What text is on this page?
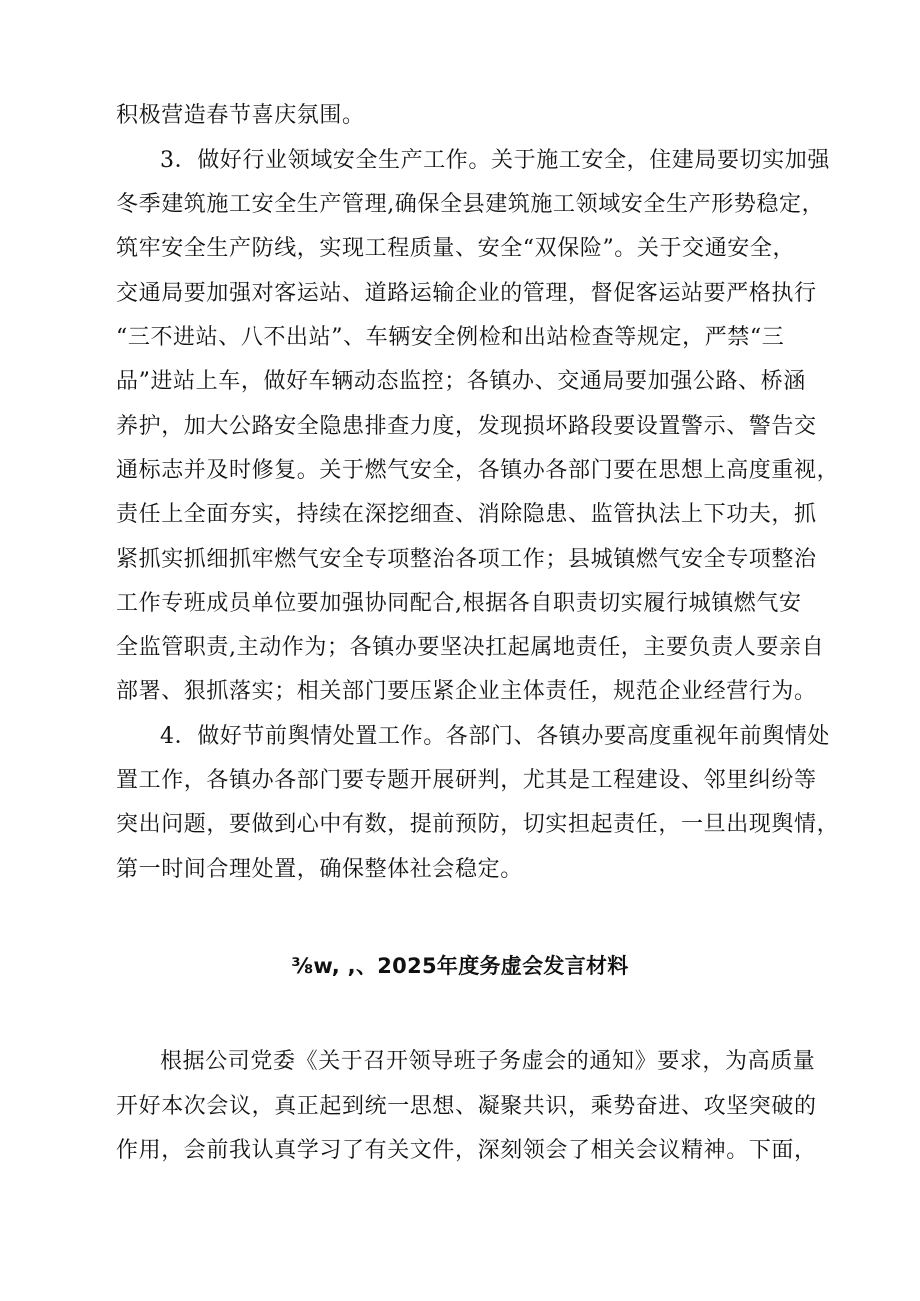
积极营造春节喜庆氛围。
3．做好行业领域安全生产工作。关于施工安全，住建局要切实加强
冬季建筑施工安全生产管理,确保全县建筑施工领域安全生产形势稳定，
筑牢安全生产防线，实现工程质量、安全“双保险”。关于交通安全，
交通局要加强对客运站、道路运输企业的管理，督促客运站要严格执行
“三不进站、八不出站”、车辆安全例检和出站检查等规定，严禁“三
品”进站上车，做好车辆动态监控；各镇办、交通局要加强公路、桥涵
养护，加大公路安全隐患排查力度，发现损坏路段要设置警示、警告交
通标志并及时修复。关于燃气安全，各镇办各部门要在思想上高度重视，
责任上全面夯实，持续在深挖细查、消除隐患、监管执法上下功夫，抓
紧抓实抓细抓牢燃气安全专项整治各项工作；县城镇燃气安全专项整治
工作专班成员单位要加强协同配合,根据各自职责切实履行城镇燃气安
全监管职责,主动作为；各镇办要坚决扛起属地责任，主要负责人要亲自
部署、狠抓落实；相关部门要压紧企业主体责任，规范企业经营行为。
4．做好节前舆情处置工作。各部门、各镇办要高度重视年前舆情处
置工作，各镇办各部门要专题开展研判，尤其是工程建设、邻里纠纷等
突出问题，要做到心中有数，提前预防，切实担起责任，一旦出现舆情，
第一时间合理处置，确保整体社会稳定。
⅜w, ,、2025年度务虚会发言材料
根据公司党委《关于召开领导班子务虚会的通知》要求，为高质量
开好本次会议，真正起到统一思想、凝聚共识，乘势奋进、攻坚突破的
作用，会前我认真学习了有关文件，深刻领会了相关会议精神。下面，
